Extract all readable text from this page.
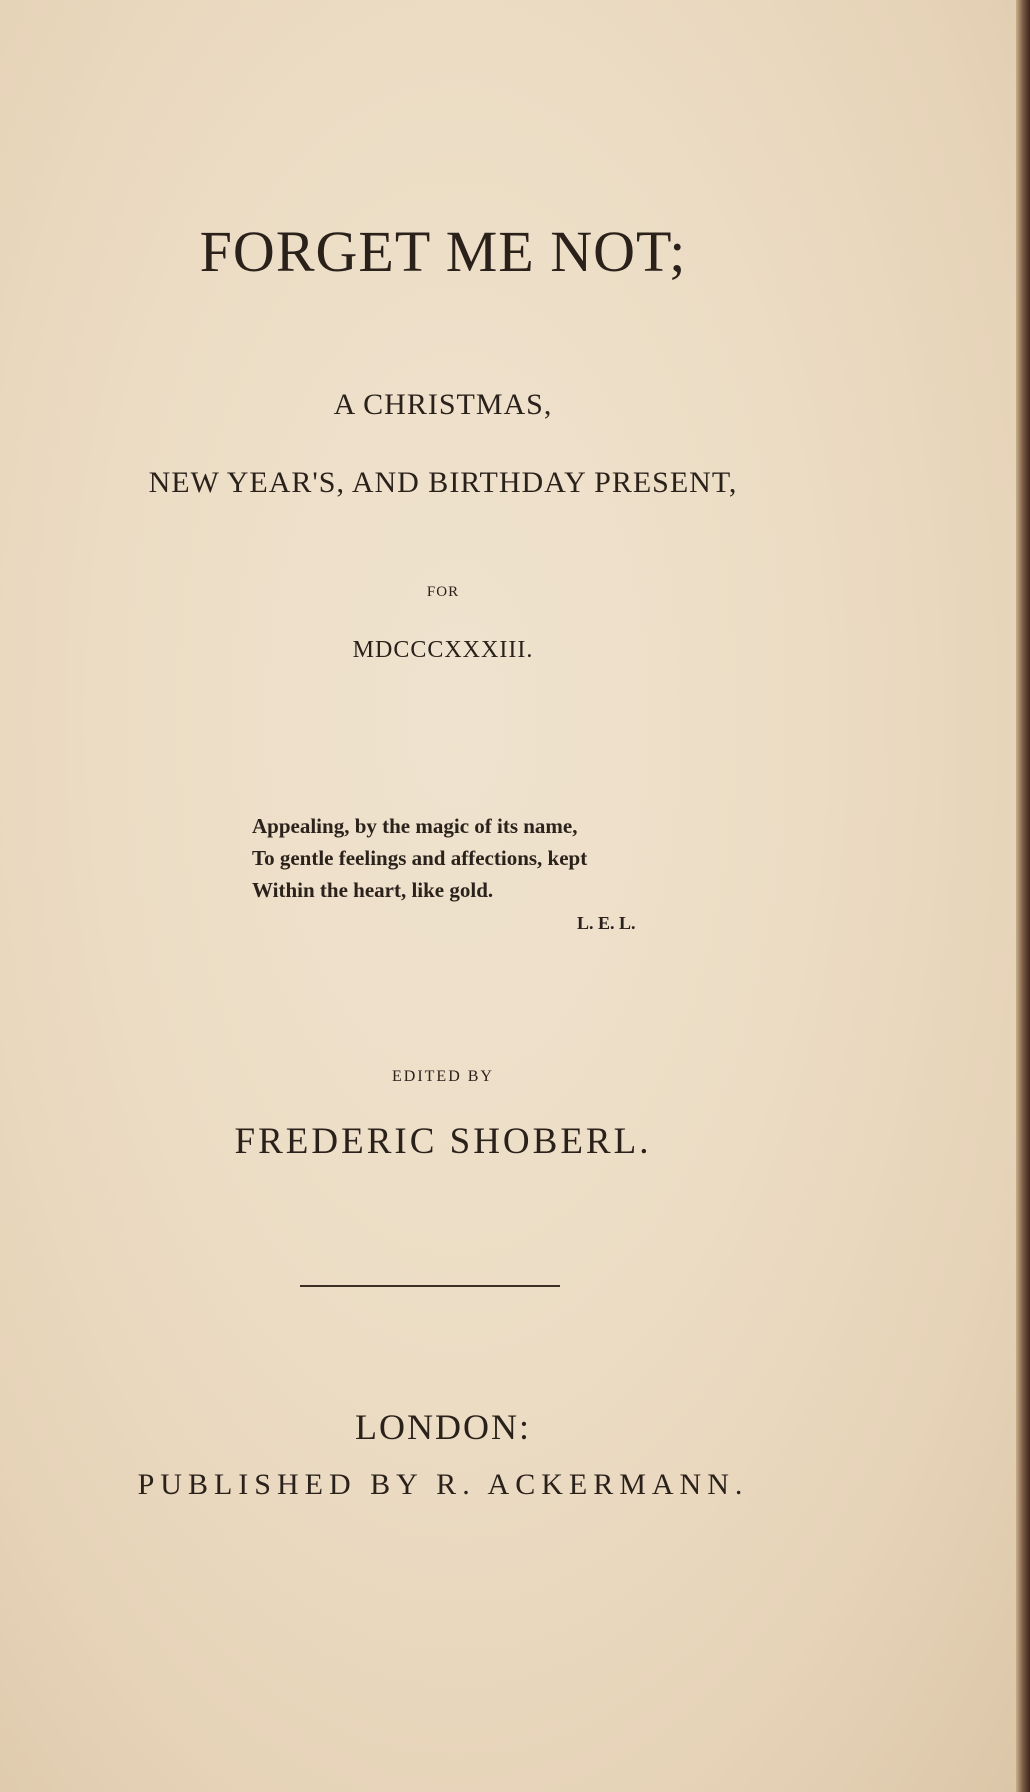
FORGET ME NOT;
A CHRISTMAS,
NEW YEAR'S, AND BIRTHDAY PRESENT,
FOR
MDCCCXXXIII.
Appealing, by the magic of its name,
To gentle feelings and affections, kept
Within the heart, like gold.
L. E. L.
EDITED BY
FREDERIC SHOBERL.
LONDON:
PUBLISHED BY R. ACKERMANN.
